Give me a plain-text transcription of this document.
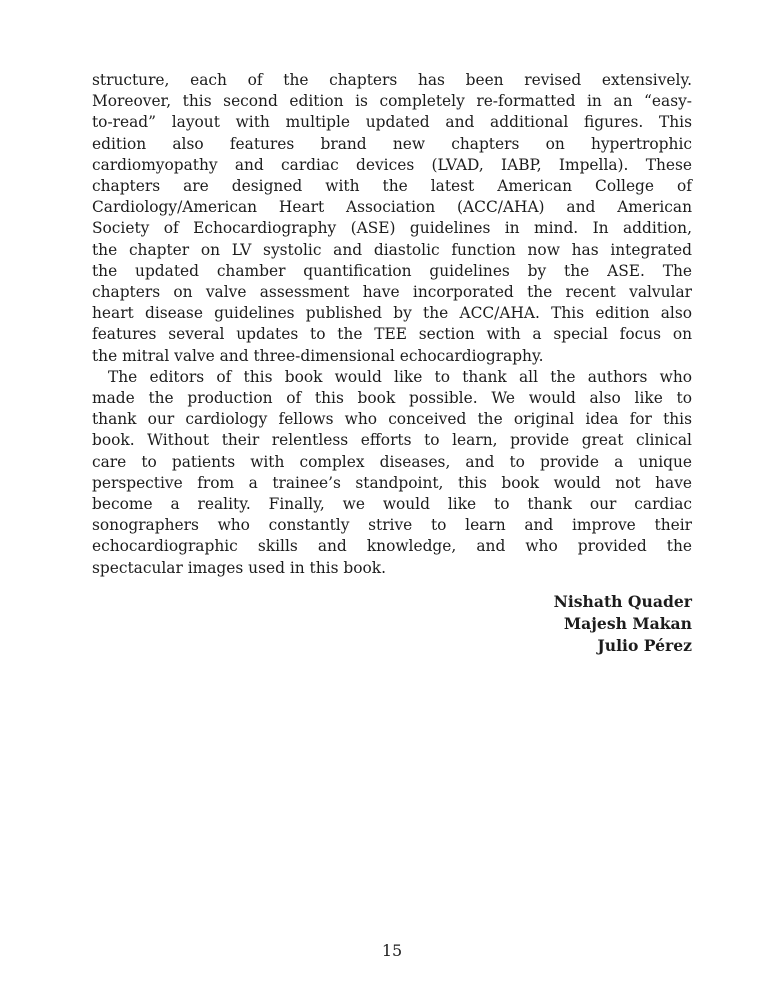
structure, each of the chapters has been revised extensively.
Moreover, this second edition is completely re-formatted in an “easy-
to-read” layout with multiple updated and additional figures. This
edition also features brand new chapters on hypertrophic
cardiomyopathy and cardiac devices (LVAD, IABP, Impella). These
chapters are designed with the latest American College of
Cardiology/American Heart Association (ACC/AHA) and American
Society of Echocardiography (ASE) guidelines in mind. In addition,
the chapter on LV systolic and diastolic function now has integrated
the updated chamber quantification guidelines by the ASE. The
chapters on valve assessment have incorporated the recent valvular
heart disease guidelines published by the ACC/AHA. This edition also
features several updates to the TEE section with a special focus on
the mitral valve and three-dimensional echocardiography.
The editors of this book would like to thank all the authors who
made the production of this book possible. We would also like to
thank our cardiology fellows who conceived the original idea for this
book. Without their relentless efforts to learn, provide great clinical
care to patients with complex diseases, and to provide a unique
perspective from a trainee’s standpoint, this book would not have
become a reality. Finally, we would like to thank our cardiac
sonographers who constantly strive to learn and improve their
echocardiographic skills and knowledge, and who provided the
spectacular images used in this book.
Nishath Quader
Majesh Makan
Julio Pérez
15
